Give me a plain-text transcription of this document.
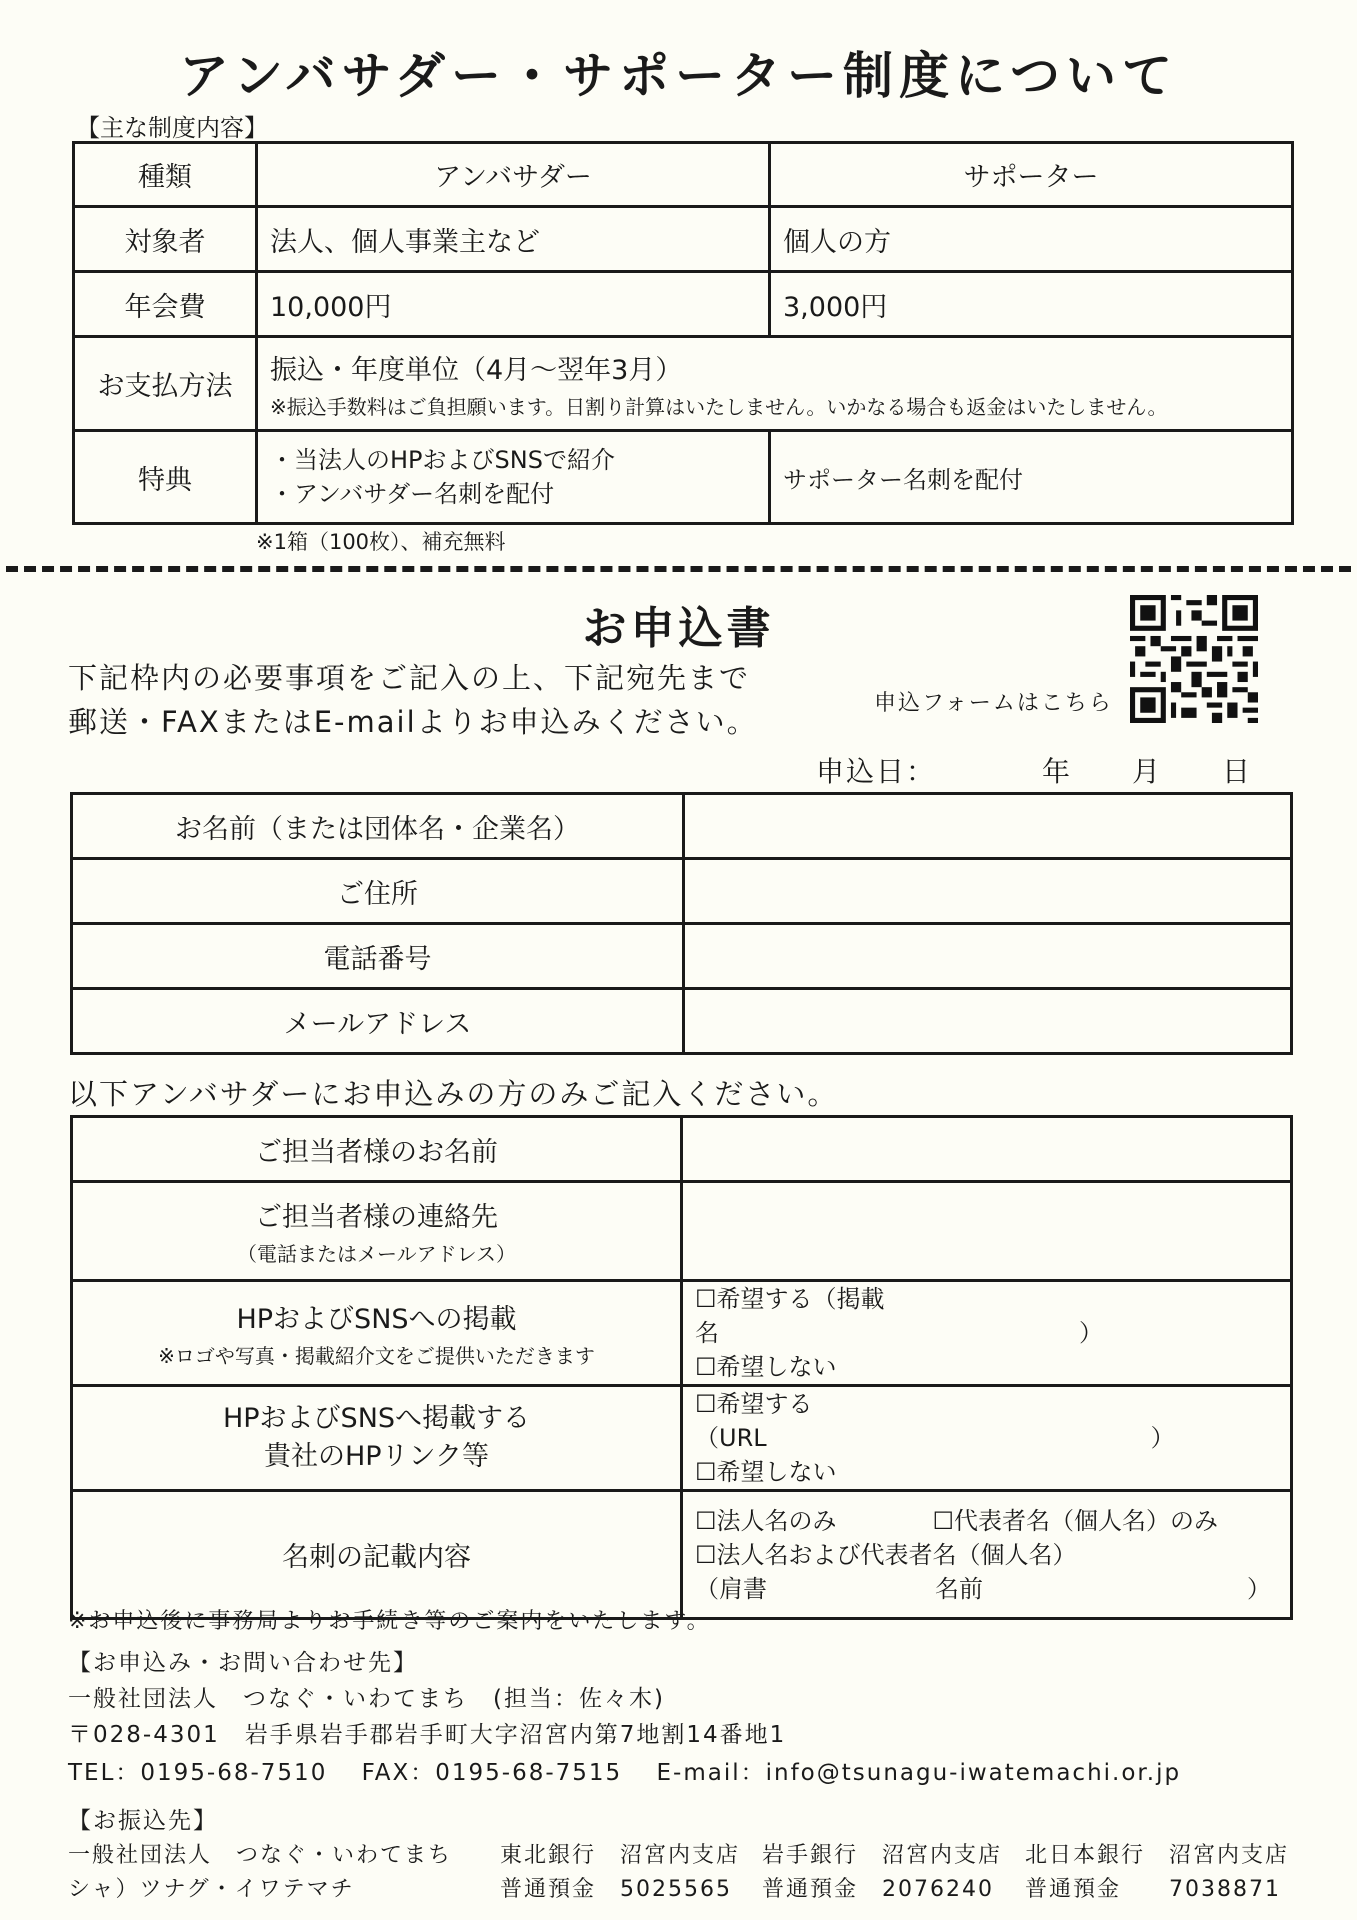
アンバサダー・サポーター制度について
【主な制度内容】
種類	アンバサダー	サポーター
対象者	法人、個人事業主など	個人の方
年会費	10,000円	3,000円
お支払方法	振込・年度単位（4月～翌年3月）
※振込手数料はご負担願います。日割り計算はいたしません。いかなる場合も返金はいたしません。	

特典	・当法人のHPおよびSNSで紹介
・アンバサダー名刺を配付	サポーター名刺を配付
※1箱（100枚）、補充無料
お申込書
下記枠内の必要事項をご記入の上、下記宛先まで
郵送・FAXまたはE-mailよりお申込みください。
申込フォームはこちら
申込日：　　　　年　　月　　日
お名前（または団体名・企業名）	
ご住所	
電話番号	
メールアドレス	
以下アンバサダーにお申込みの方のみご記入ください。
ご担当者様のお名前	

ご担当者様の連絡先
（電話またはメールアドレス）	

HPおよびSNSへの掲載
※ロゴや写真・掲載紹介文をご提供いただきます	☐希望する（掲載名　　　　　　　　　　　　　　　）
☐希望しない

HPおよびSNSへ掲載する
貴社のHPリンク等	☐希望する（URL　　　　　　　　　　　　　　　　）
☐希望しない

名刺の記載内容	☐法人名のみ　　　　☐代表者名（個人名）のみ
☐法人名および代表者名（個人名）
（肩書　　　　　　　名前　　　　　　　　　　　）
※お申込後に事務局よりお手続き等のご案内をいたします。
【お申込み・お問い合わせ先】
一般社団法人　つなぐ・いわてまち　(担当：佐々木)
〒028-4301　岩手県岩手郡岩手町大字沼宮内第7地割14番地1
TEL：0195-68-7510　 FAX：0195-68-7515　 E-mail：info@tsunagu-iwatemachi.or.jp
【お振込先】
一般社団法人　つなぐ・いわてまち
シャ）ツナグ・イワテマチ
東北銀行　沼宮内支店
普通預金　5025565
岩手銀行　沼宮内支店
普通預金　2076240
北日本銀行　沼宮内支店
普通預金　　7038871
